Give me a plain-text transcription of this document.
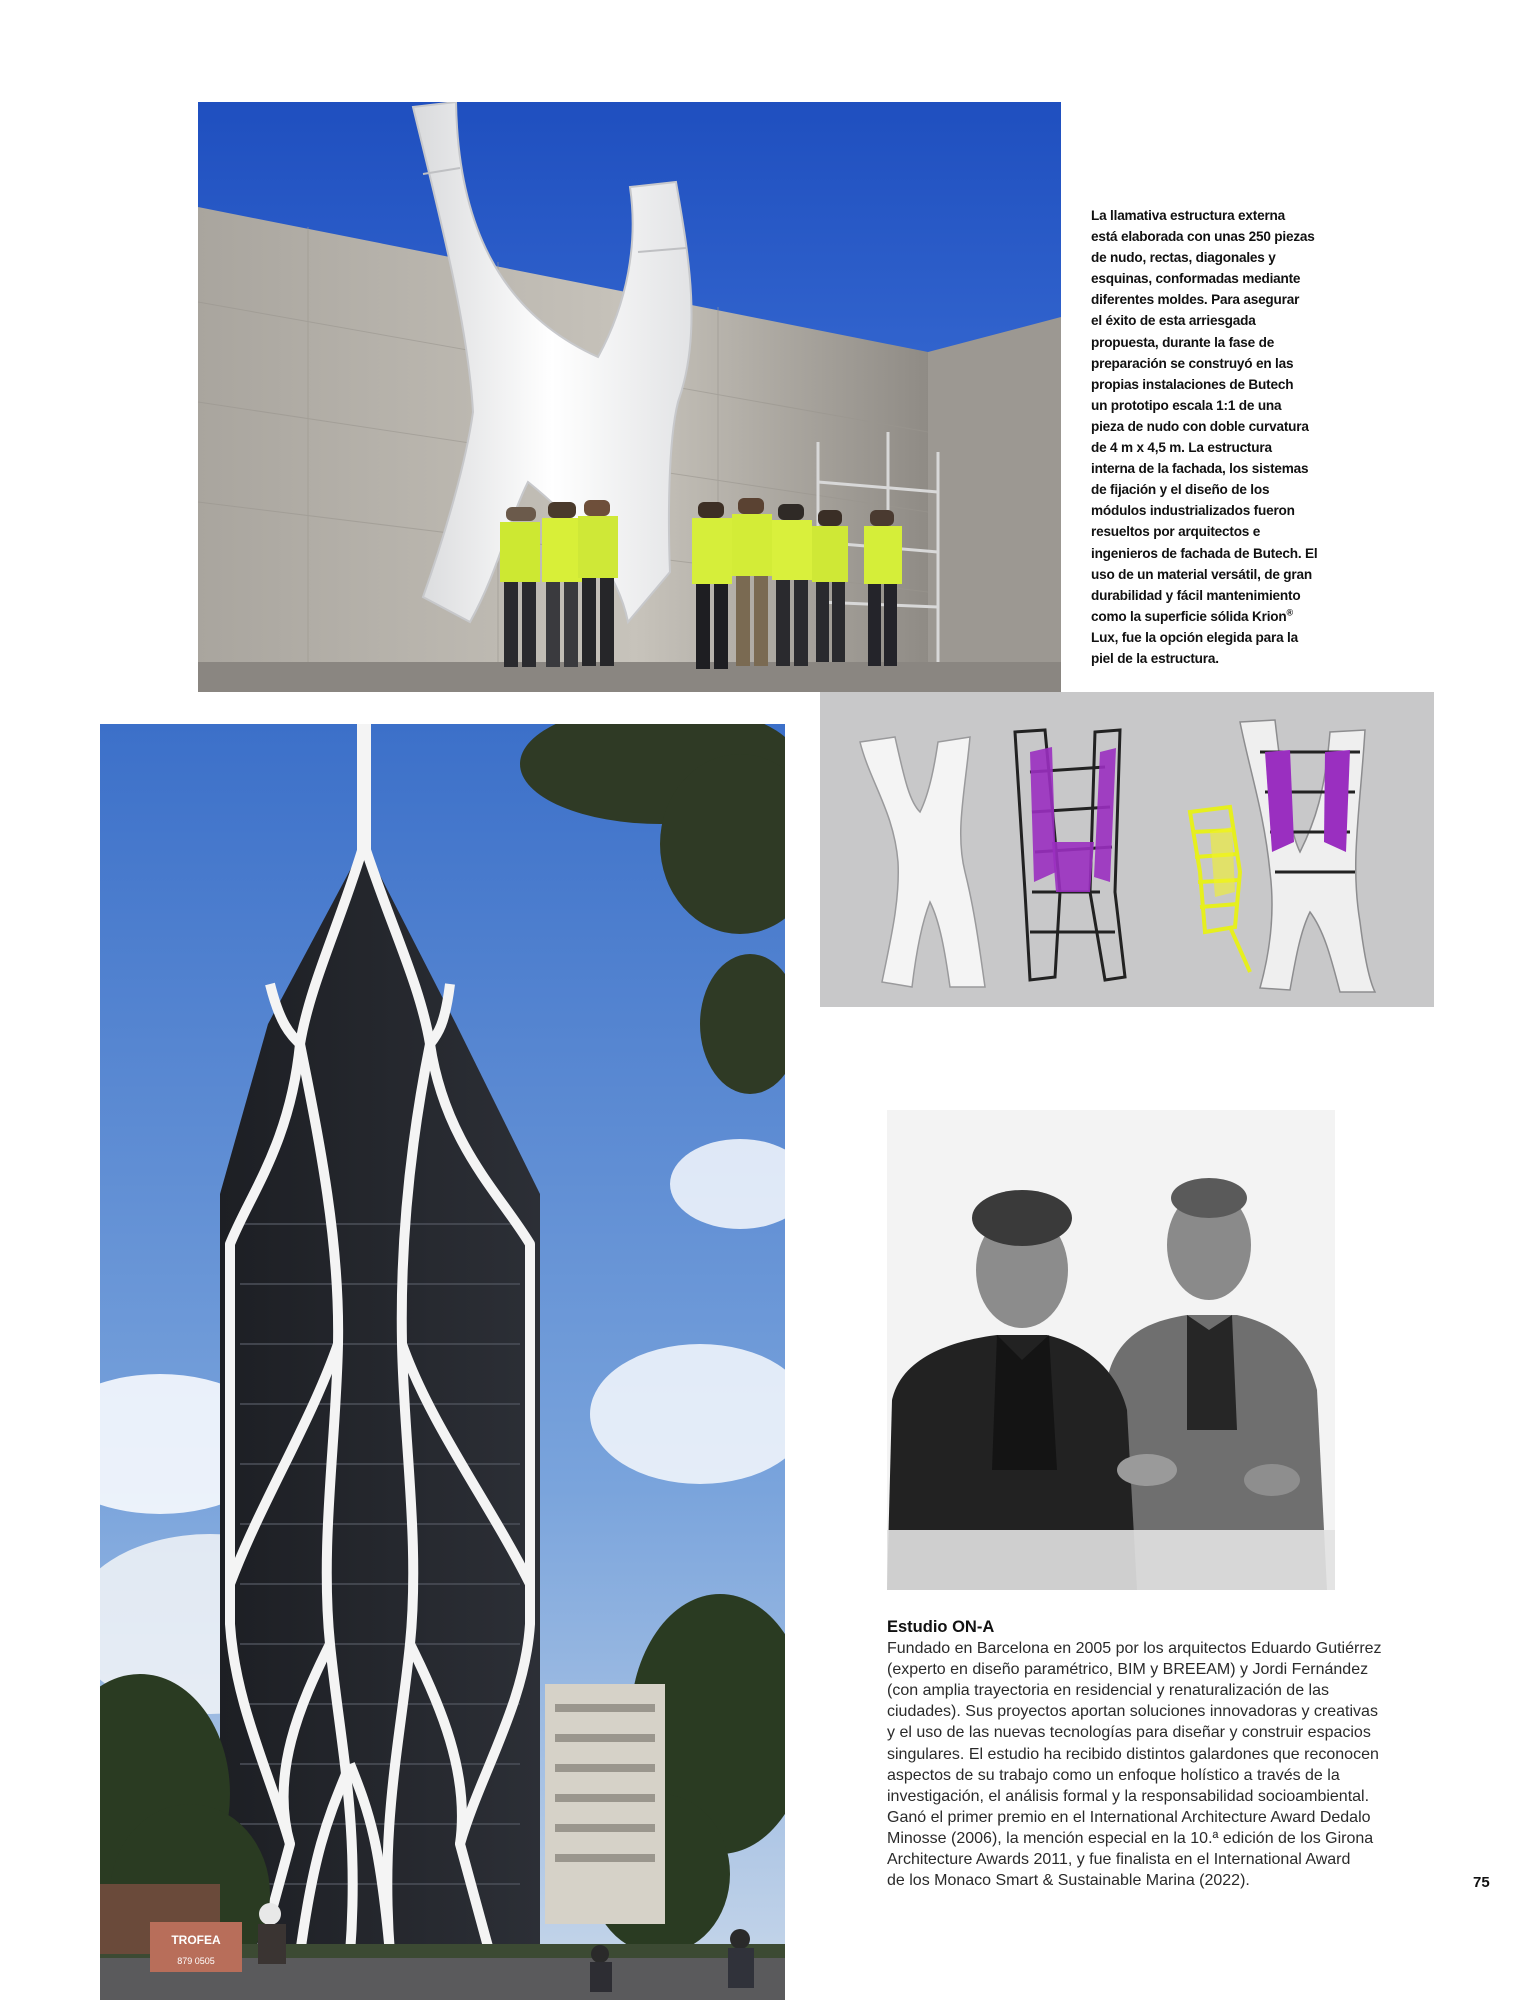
La llamativa estructura externa
está elaborada con unas 250 piezas
de nudo, rectas, diagonales y
esquinas, conformadas mediante
diferentes moldes. Para asegurar
el éxito de esta arriesgada
propuesta, durante la fase de
preparación se construyó en las
propias instalaciones de Butech
un prototipo escala 1:1 de una
pieza de nudo con doble curvatura
de 4 m x 4,5 m. La estructura
interna de la fachada, los sistemas
de fijación y el diseño de los
módulos industrializados fueron
resueltos por arquitectos e
ingenieros de fachada de Butech. El
uso de un material versátil, de gran
durabilidad y fácil mantenimiento
como la superficie sólida Krion®
Lux, fue la opción elegida para la
piel de la estructura.
TROFEA
879 0505
Estudio ON-A
Fundado en Barcelona en 2005 por los arquitectos Eduardo Gutiérrez
(experto en diseño paramétrico, BIM y BREEAM) y Jordi Fernández
(con amplia trayectoria en residencial y renaturalización de las
ciudades). Sus proyectos aportan soluciones innovadoras y creativas
y el uso de las nuevas tecnologías para diseñar y construir espacios
singulares. El estudio ha recibido distintos galardones que reconocen
aspectos de su trabajo como un enfoque holístico a través de la
investigación, el análisis formal y la responsabilidad socioambiental.
Ganó el primer premio en el International Architecture Award Dedalo
Minosse (2006), la mención especial en la 10.ª edición de los Girona
Architecture Awards 2011, y fue finalista en el International Award
de los Monaco Smart & Sustainable Marina (2022).	75
